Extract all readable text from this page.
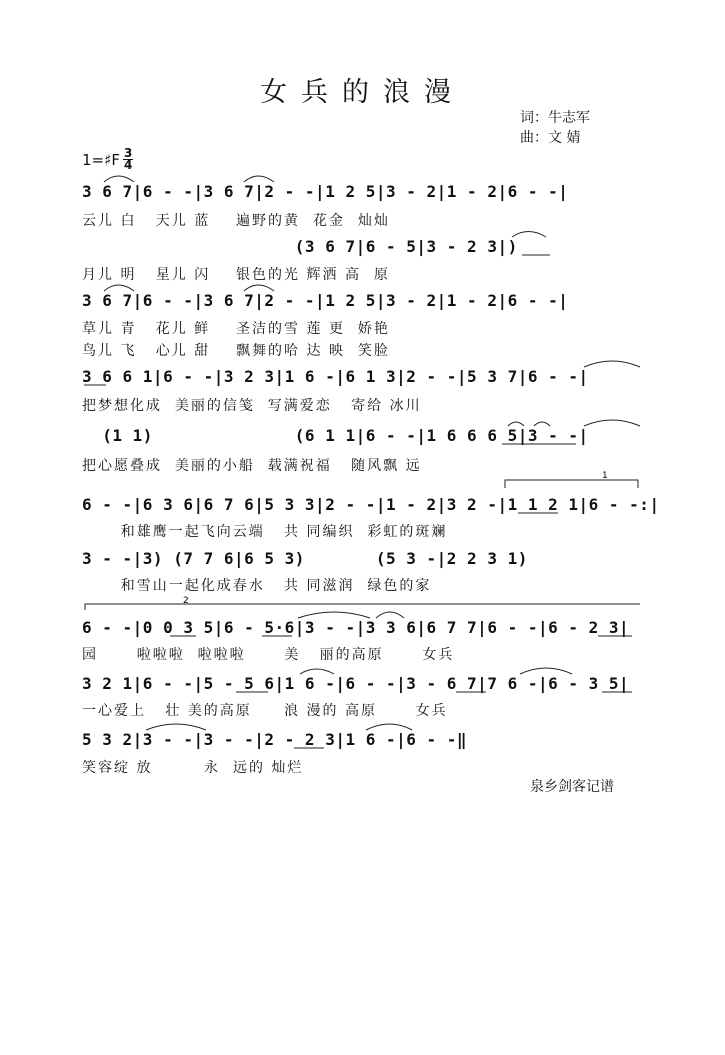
女兵的浪漫
词：牛志军
曲：文 婧
1=♯F $\frac{3}{4}$
3 6 7|6 - -|3 6 7|2 - -|1 2 5|3 - 2|1 - 2|6 - -|
云儿 白   天儿 蓝    遍野的黄  花金  灿灿
(3 6 7|6 - 5|3 - 2 3|)
月儿 明   星儿 闪    银色的光 辉洒 高  原
3 6 7|6 - -|3 6 7|2 - -|1 2 5|3 - 2|1 - 2|6 - -|
草儿 青   花儿 鲜    圣洁的雪 莲 更  娇艳
鸟儿 飞   心儿 甜    飘舞的哈 达 映  笑脸
3 6 6 1|6 - -|3 2 3|1 6 -|6 1 3|2 - -|5 3 7|6 - -|
把梦想化成  美丽的信笺  写满爱恋   寄给 冰川
(1 1)              (6 1 1|6 - -|1 6 6 6 5|3 - -|
把心愿叠成  美丽的小船  载满祝福   随风飘 远
6 - -|6 3 6|6 7 6|5 3 3|2 - -|1 - 2|3 2 -|1 1 2 1|6 - -:|
和雄鹰一起飞向云端   共 同编织  彩虹的斑斓
3 - -|3) (7 7 6|6 5 3)       (5 3 -|2 2 3 1)
和雪山一起化成春水   共 同滋润  绿色的家
6 - -|0 0 3 5|6 - 5·6|3 - -|3 3 6|6 7 7|6 - -|6 - 2 3|
园      啦啦啦  啦啦啦      美   丽的高原      女兵
3 2 1|6 - -|5 - 5 6|1 6 -|6 - -|3 - 6 7|7 6 -|6 - 3 5|
一心爱上   壮 美的高原     浪 漫的 高原      女兵
5 3 2|3 - -|3 - -|2 - 2 3|1 6 -|6 - -‖
笑容绽 放        永  远的 灿烂
泉乡剑客记谱
1
2
